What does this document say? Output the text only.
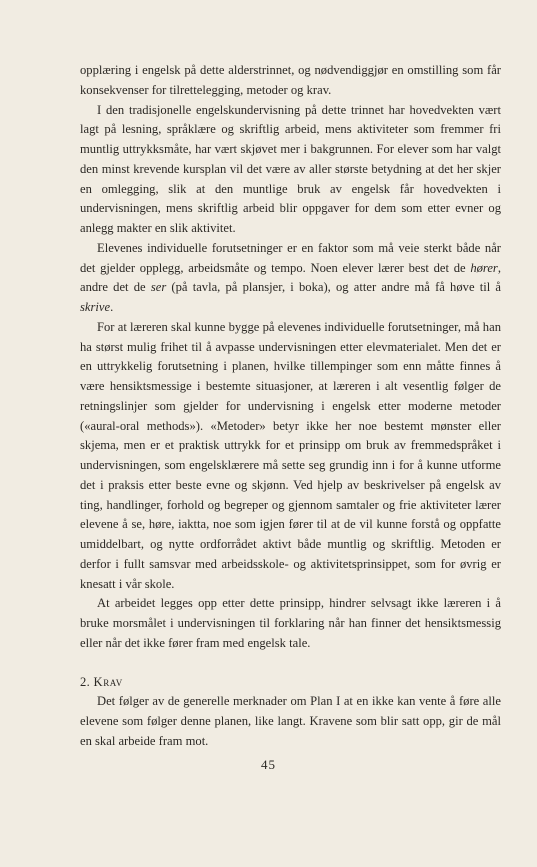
opplæring i engelsk på dette alderstrinnet, og nødvendiggjør en omstilling som får konsekvenser for tilrettelegging, metoder og krav.

I den tradisjonelle engelskundervisning på dette trinnet har hovedvekten vært lagt på lesning, språklære og skriftlig arbeid, mens aktiviteter som fremmer fri muntlig uttrykksmåte, har vært skjøvet mer i bakgrunnen. For elever som har valgt den minst krevende kursplan vil det være av aller største betydning at det her skjer en omlegging, slik at den muntlige bruk av engelsk får hovedvekten i undervisningen, mens skriftlig arbeid blir oppgaver for dem som etter evner og anlegg makter en slik aktivitet.

Elevenes individuelle forutsetninger er en faktor som må veie sterkt både når det gjelder opplegg, arbeidsmåte og tempo. Noen elever lærer best det de hører, andre det de ser (på tavla, på plansjer, i boka), og atter andre må få høve til å skrive.

For at læreren skal kunne bygge på elevenes individuelle forutsetninger, må han ha størst mulig frihet til å avpasse undervisningen etter elevmaterialet. Men det er en uttrykkelig forutsetning i planen, hvilke tillempinger som enn måtte finnes å være hensiktsmessige i bestemte situasjoner, at læreren i alt vesentlig følger de retningslinjer som gjelder for undervisning i engelsk etter moderne metoder («aural-oral methods»). «Metoder» betyr ikke her noe bestemt mønster eller skjema, men er et praktisk uttrykk for et prinsipp om bruk av fremmedspråket i undervisningen, som engelsklærere må sette seg grundig inn i for å kunne utforme det i praksis etter beste evne og skjønn. Ved hjelp av beskrivelser på engelsk av ting, handlinger, forhold og begreper og gjennom samtaler og frie aktiviteter lærer elevene å se, høre, iaktta, noe som igjen fører til at de vil kunne forstå og oppfatte umiddelbart, og nytte ordforrådet aktivt både muntlig og skriftlig. Metoden er derfor i fullt samsvar med arbeidsskole- og aktivitetsprinsippet, som for øvrig er knesatt i vår skole.

At arbeidet legges opp etter dette prinsipp, hindrer selvsagt ikke læreren i å bruke morsmålet i undervisningen til forklaring når han finner det hensiktsmessig eller når det ikke fører fram med engelsk tale.

2. Krav

Det følger av de generelle merknader om Plan I at en ikke kan vente å føre alle elevene som følger denne planen, like langt. Kravene som blir satt opp, gir de mål en skal arbeide fram mot.

45
